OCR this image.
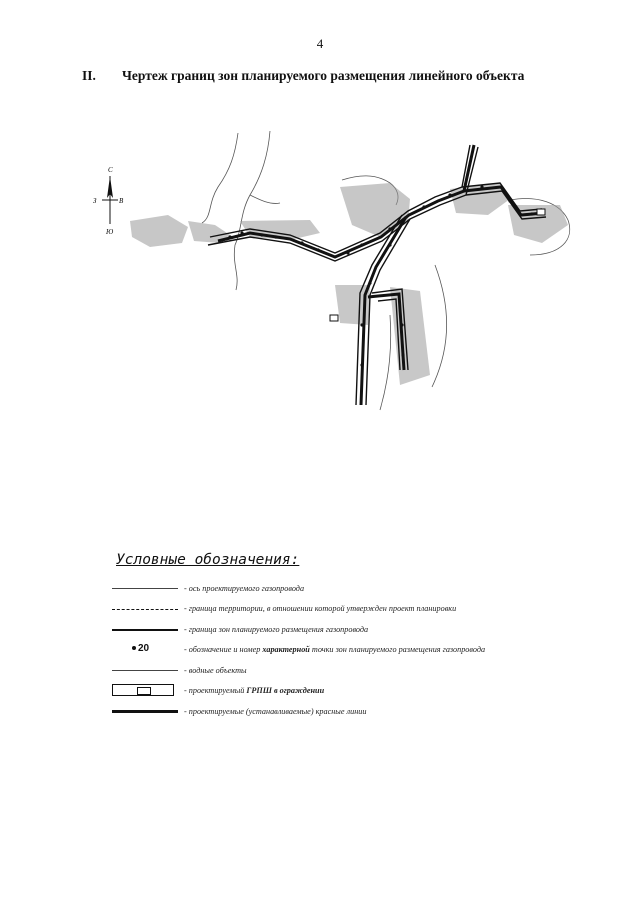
4
II. Чертеж границ зон планируемого размещения линейного объекта
С
З	В
Ю
Условные обозначения:
- ось проектируемого газопровода
- граница территории, в отношении которой утвержден проект планировки
- граница зон планируемого размещения газопровода
20	- обозначение и номер характерной точки зон планируемого размещения газопровода
- водные объекты
- проектируемый ГРПШ в ограждении
- проектируемые (устанавливаемые) красные линии
